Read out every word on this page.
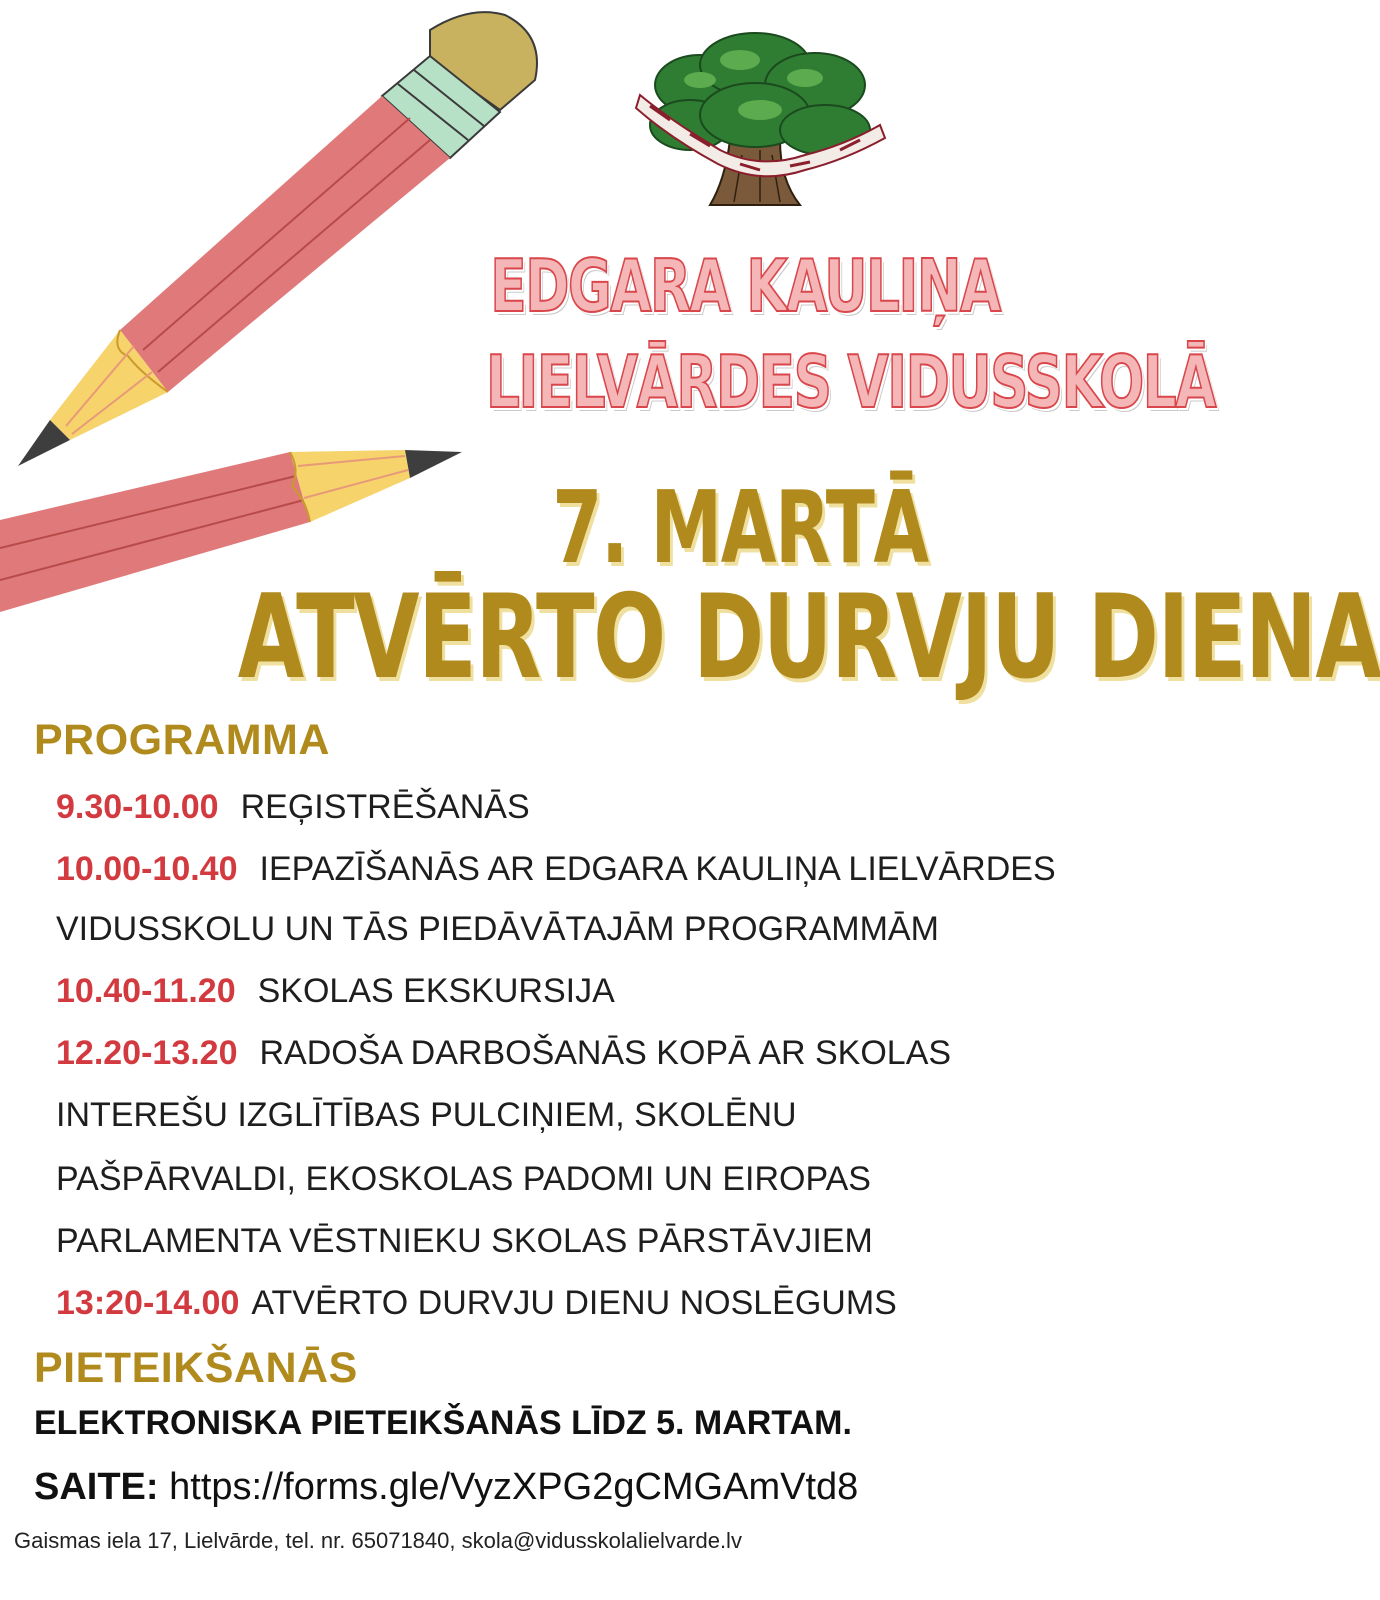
EDGARA KAULIŅA
LIELVĀRDES VIDUSSKOLĀ
7. MARTĀ
ATVĒRTO DURVJU DIENA
PROGRAMMA
9.30-10.00 REĢISTRĒŠANĀS
10.00-10.40 IEPAZĪŠANĀS AR EDGARA KAULIŅA LIELVĀRDES
VIDUSSKOLU UN TĀS PIEDĀVĀTAJĀM PROGRAMMĀM
10.40-11.20 SKOLAS EKSKURSIJA
12.20-13.20 RADOŠA DARBOŠANĀS KOPĀ AR SKOLAS
INTEREŠU IZGLĪTĪBAS PULCIŅIEM, SKOLĒNU
PAŠPĀRVALDI, EKOSKOLAS PADOMI UN EIROPAS
PARLAMENTA VĒSTNIEKU SKOLAS PĀRSTĀVJIEM
13:20-14.00 ATVĒRTO DURVJU DIENU NOSLĒGUMS
PIETEIKŠANĀS
ELEKTRONISKA PIETEIKŠANĀS LĪDZ 5. MARTAM.
SAITE: https://forms.gle/VyzXPG2gCMGAmVtd8
Gaismas iela 17, Lielvārde, tel. nr. 65071840, skola@vidusskolalielvarde.lv
